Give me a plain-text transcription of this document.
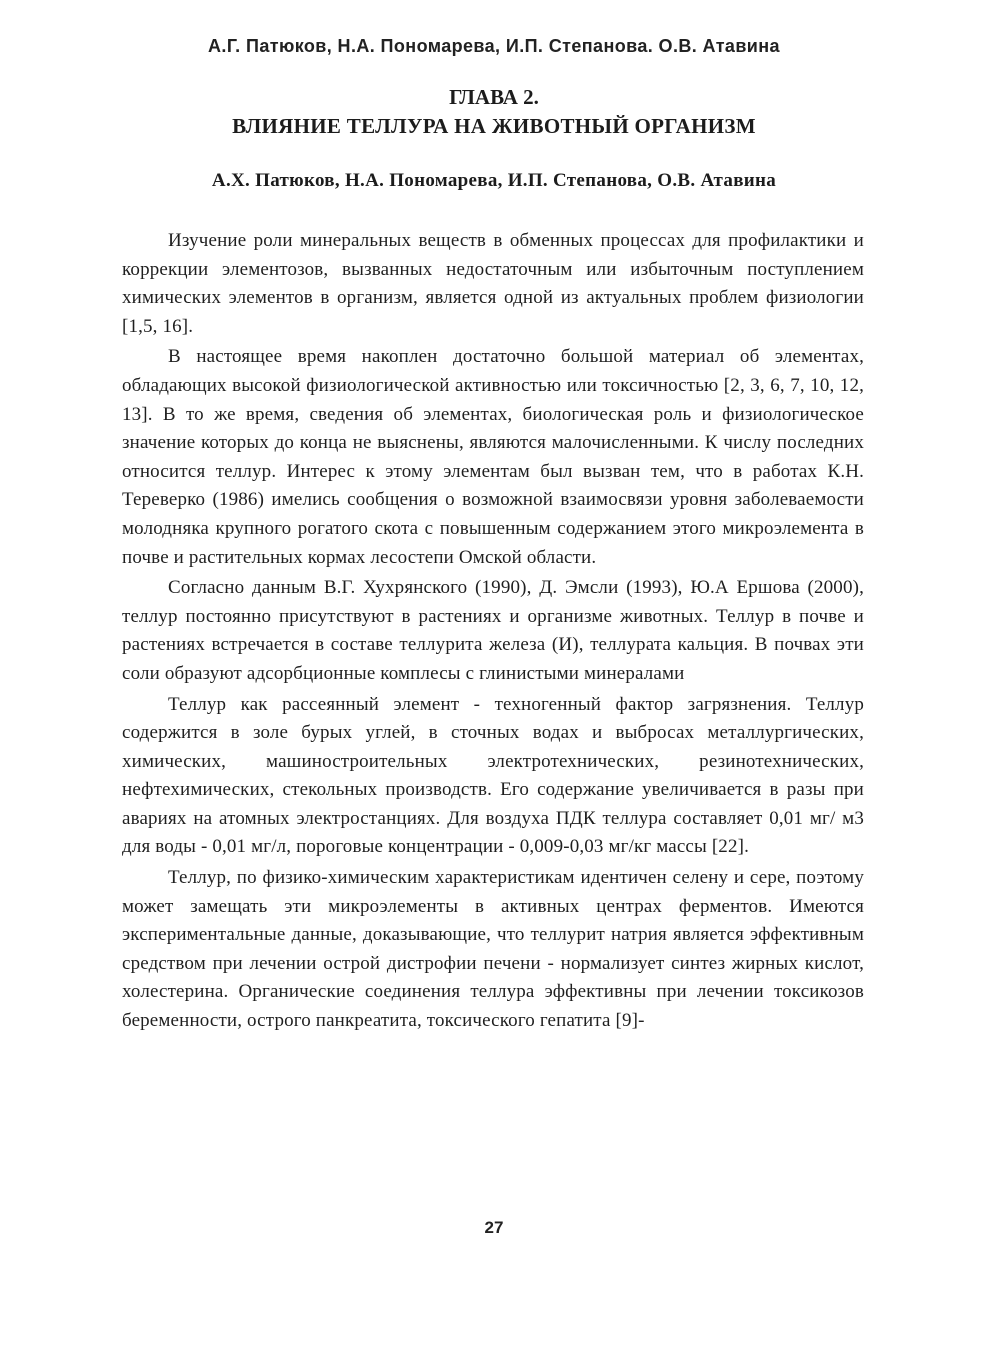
А.Г. Патюков, Н.А. Пономарева, И.П. Степанова. О.В. Атавина
ГЛАВА 2.
ВЛИЯНИЕ ТЕЛЛУРА НА ЖИВОТНЫЙ ОРГАНИЗМ
А.Х. Патюков, Н.А. Пономарева, И.П. Степанова, О.В. Атавина

Изучение роли минеральных веществ в обменных процессах для профилактики и коррекции элементозов, вызванных недостаточным или избыточным поступлением химических элементов в организм, является одной из актуальных проблем физиологии [1,5, 16].

В настоящее время накоплен достаточно большой материал об элементах, обладающих высокой физиологической активностью или токсичностью [2, 3, 6, 7, 10, 12, 13]. В то же время, сведения об элементах, биологическая роль и физиологическое значение которых до конца не выяснены, являются малочисленными. К числу последних относится теллур. Интерес к этому элементам был вызван тем, что в работах К.Н. Тереверко (1986) имелись сообщения о возможной взаимосвязи уровня заболеваемости молодняка крупного рогатого скота с повышенным содержанием этого микроэлемента в почве и растительных кормах лесостепи Омской области.

Согласно данным В.Г. Хухрянского (1990), Д. Эмсли (1993), Ю.А Ершова (2000), теллур постоянно присутствуют в растениях и организме животных. Теллур в почве и растениях встречается в составе теллурита железа (И), теллурата кальция. В почвах эти соли образуют адсорбционные комплесы с глинистыми минералами

Теллур как рассеянный элемент - техногенный фактор загрязнения. Теллур содержится в золе бурых углей, в сточных водах и выбросах металлургических, химических, машиностроительных электротехнических, резинотехнических, нефтехимических, стекольных производств. Его содержание увеличивается в разы при авариях на атомных электростанциях. Для воздуха ПДК теллура составляет 0,01 мг/ м3 для воды - 0,01 мг/л, пороговые концентрации - 0,009-0,03 мг/кг массы [22].

Теллур, по физико-химическим характеристикам идентичен селену и сере, поэтому может замещать эти микроэлементы в активных центрах ферментов. Имеются экспериментальные данные, доказывающие, что теллурит натрия является эффективным средством при лечении острой дистрофии печени - нормализует синтез жирных кислот, холестерина. Органические соединения теллура эффективны при лечении токсикозов беременности, острого панкреатита, токсического гепатита [9]-

27
